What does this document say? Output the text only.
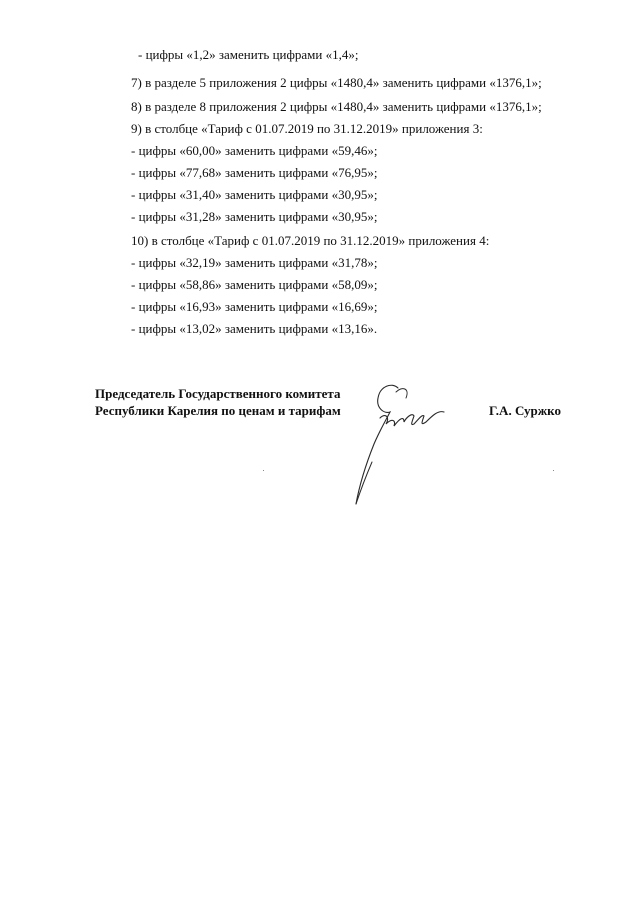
- цифры «1,2» заменить цифрами «1,4»;
7) в разделе 5 приложения 2 цифры «1480,4» заменить цифрами «1376,1»;
8) в разделе 8 приложения 2 цифры «1480,4» заменить цифрами «1376,1»;
9) в столбце «Тариф с 01.07.2019 по 31.12.2019» приложения 3:
- цифры «60,00» заменить цифрами «59,46»;
- цифры «77,68» заменить цифрами «76,95»;
- цифры «31,40» заменить цифрами «30,95»;
- цифры «31,28» заменить цифрами «30,95»;
10) в столбце «Тариф с 01.07.2019 по 31.12.2019» приложения 4:
- цифры «32,19» заменить цифрами «31,78»;
- цифры «58,86» заменить цифрами «58,09»;
- цифры «16,93» заменить цифрами «16,69»;
- цифры «13,02» заменить цифрами «13,16».
Председатель Государственного комитета
Республики Карелия по ценам и тарифам	Г.А. Суржко
